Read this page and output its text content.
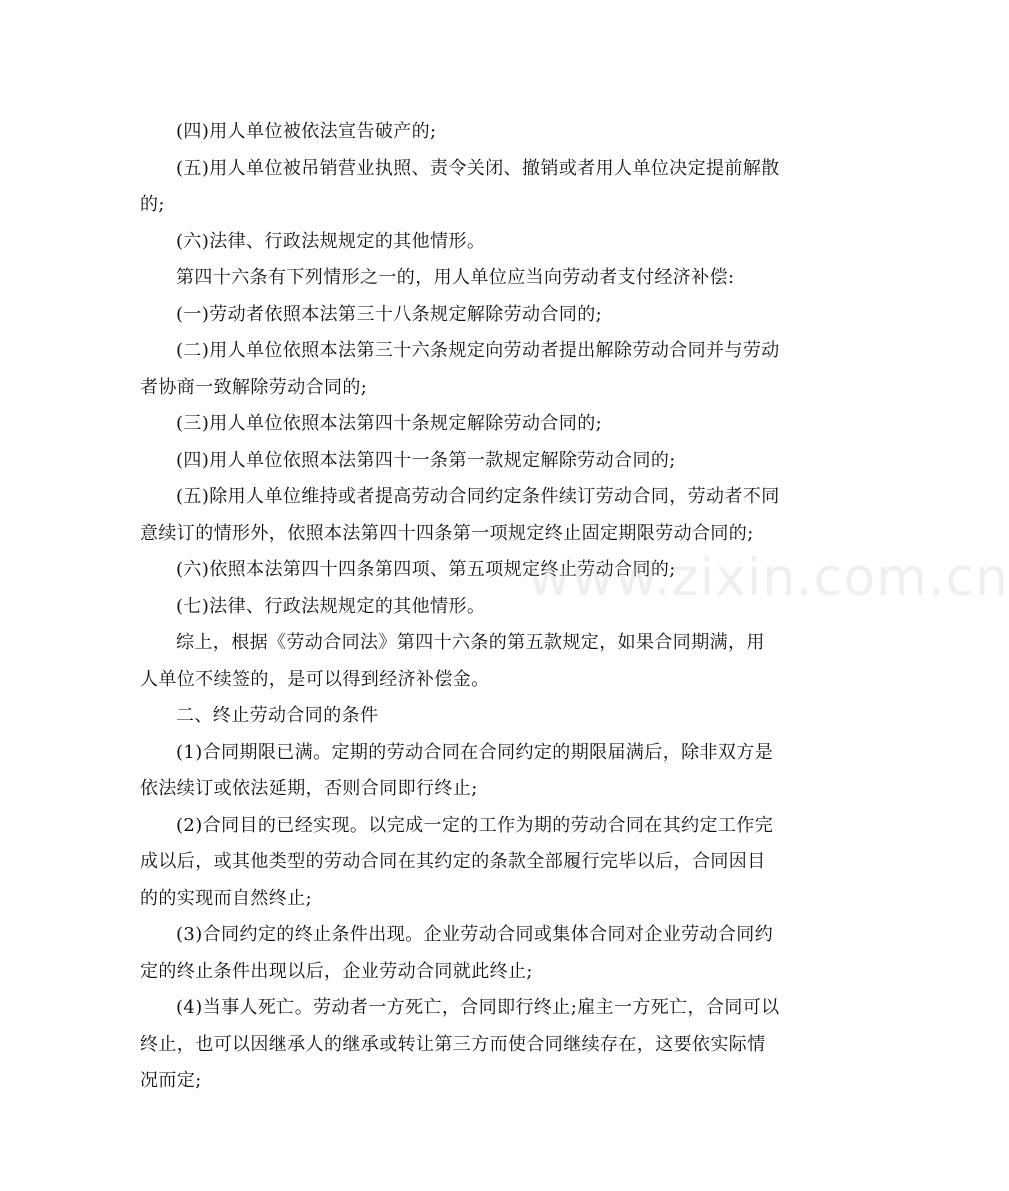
(四)用人单位被依法宣告破产的;

(五)用人单位被吊销营业执照、责令关闭、撤销或者用人单位决定提前解散的;

(六)法律、行政法规规定的其他情形。

第四十六条有下列情形之一的，用人单位应当向劳动者支付经济补偿:

(一)劳动者依照本法第三十八条规定解除劳动合同的;

(二)用人单位依照本法第三十六条规定向劳动者提出解除劳动合同并与劳动者协商一致解除劳动合同的;

(三)用人单位依照本法第四十条规定解除劳动合同的;

(四)用人单位依照本法第四十一条第一款规定解除劳动合同的;

(五)除用人单位维持或者提高劳动合同约定条件续订劳动合同，劳动者不同意续订的情形外，依照本法第四十四条第一项规定终止固定期限劳动合同的;

(六)依照本法第四十四条第四项、第五项规定终止劳动合同的;

(七)法律、行政法规规定的其他情形。

综上，根据《劳动合同法》第四十六条的第五款规定，如果合同期满，用人单位不续签的，是可以得到经济补偿金。

二、终止劳动合同的条件

(1)合同期限已满。定期的劳动合同在合同约定的期限届满后，除非双方是依法续订或依法延期，否则合同即行终止;

(2)合同目的已经实现。以完成一定的工作为期的劳动合同在其约定工作完成以后，或其他类型的劳动合同在其约定的条款全部履行完毕以后，合同因目的的实现而自然终止;

(3)合同约定的终止条件出现。企业劳动合同或集体合同对企业劳动合同约定的终止条件出现以后，企业劳动合同就此终止;

(4)当事人死亡。劳动者一方死亡，合同即行终止;雇主一方死亡，合同可以终止，也可以因继承人的继承或转让第三方而使合同继续存在，这要依实际情况而定;

www.zixin.com.cn
